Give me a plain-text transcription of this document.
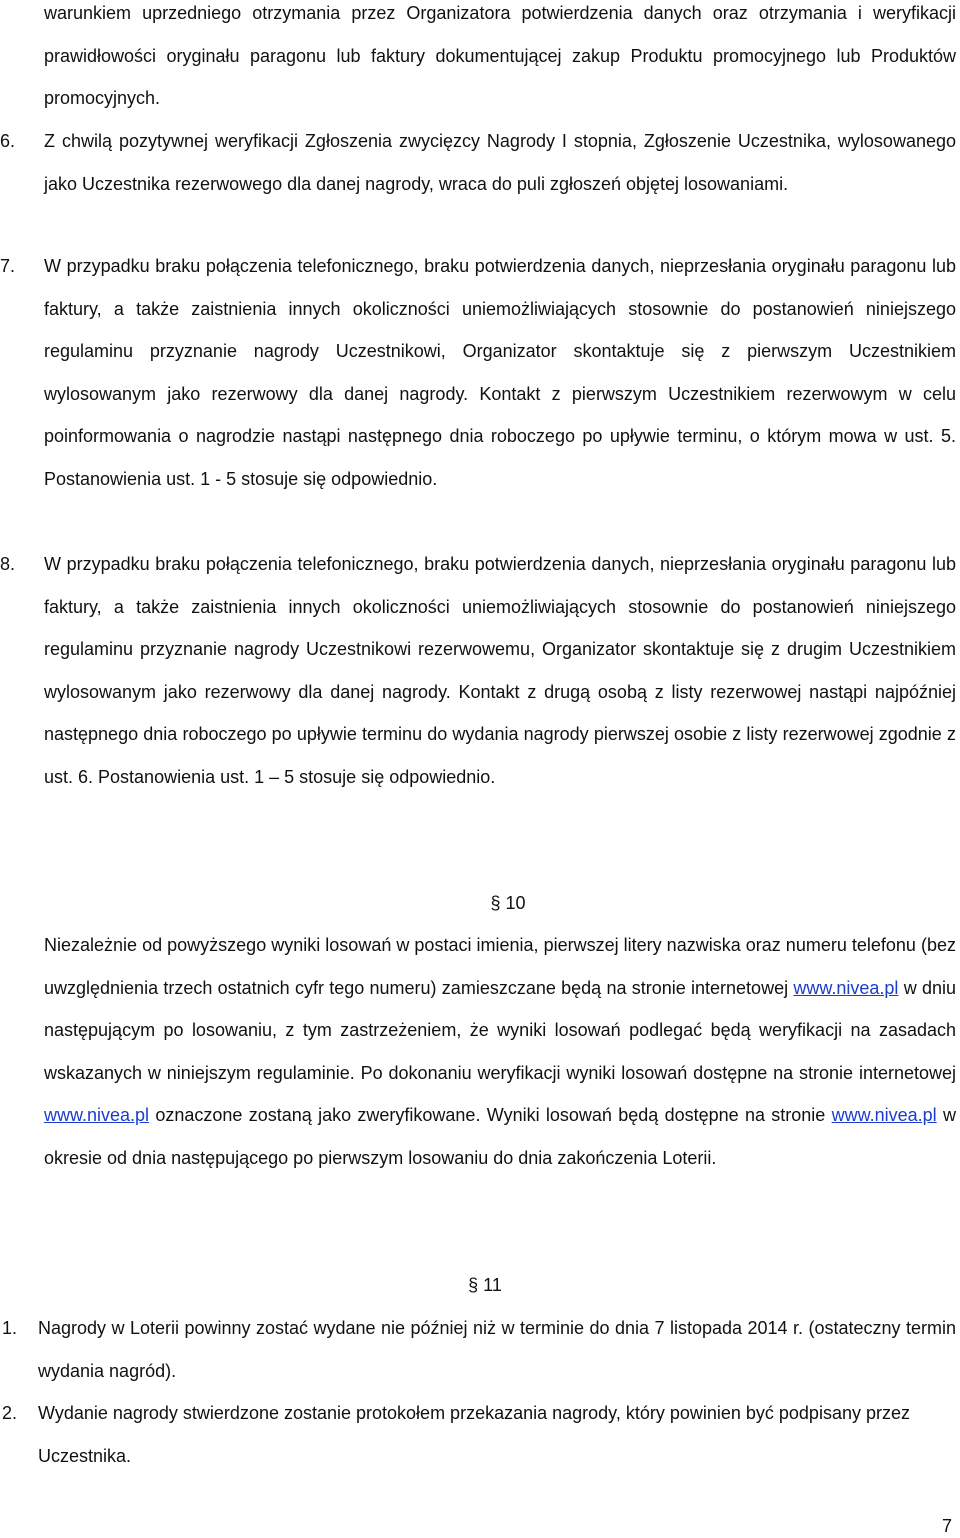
warunkiem uprzedniego otrzymania przez Organizatora potwierdzenia danych oraz otrzymania i weryfikacji prawidłowości oryginału paragonu lub faktury dokumentującej zakup Produktu promocyjnego lub Produktów promocyjnych.

6. Z chwilą pozytywnej weryfikacji Zgłoszenia zwycięzcy Nagrody I stopnia, Zgłoszenie Uczestnika, wylosowanego jako Uczestnika rezerwowego dla danej nagrody, wraca do puli zgłoszeń objętej losowaniami.

7. W przypadku braku połączenia telefonicznego, braku potwierdzenia danych, nieprzesłania oryginału paragonu lub faktury, a także zaistnienia innych okoliczności uniemożliwiających stosownie do postanowień niniejszego regulaminu przyznanie nagrody Uczestnikowi, Organizator skontaktuje się z pierwszym Uczestnikiem wylosowanym jako rezerwowy dla danej nagrody. Kontakt z pierwszym Uczestnikiem rezerwowym w celu poinformowania o nagrodzie nastąpi następnego dnia roboczego po upływie terminu, o którym mowa w ust. 5. Postanowienia ust. 1 - 5 stosuje się odpowiednio.

8. W przypadku braku połączenia telefonicznego, braku potwierdzenia danych, nieprzesłania oryginału paragonu lub faktury, a także zaistnienia innych okoliczności uniemożliwiających stosownie do postanowień niniejszego regulaminu przyznanie nagrody Uczestnikowi rezerwowemu, Organizator skontaktuje się z drugim Uczestnikiem wylosowanym jako rezerwowy dla danej nagrody. Kontakt z drugą osobą z listy rezerwowej nastąpi najpóźniej następnego dnia roboczego po upływie terminu do wydania nagrody pierwszej osobie z listy rezerwowej zgodnie z ust. 6. Postanowienia ust. 1 – 5 stosuje się odpowiednio.

§ 10

Niezależnie od powyższego wyniki losowań w postaci imienia, pierwszej litery nazwiska oraz numeru telefonu (bez uwzględnienia trzech ostatnich cyfr tego numeru) zamieszczane będą na stronie internetowej www.nivea.pl w dniu następującym po losowaniu, z tym zastrzeżeniem, że wyniki losowań podlegać będą weryfikacji na zasadach wskazanych w niniejszym regulaminie. Po dokonaniu weryfikacji wyniki losowań dostępne na stronie internetowej www.nivea.pl oznaczone zostaną jako zweryfikowane. Wyniki losowań będą dostępne na stronie www.nivea.pl w okresie od dnia następującego po pierwszym losowaniu do dnia zakończenia Loterii.

§ 11

1. Nagrody w Loterii powinny zostać wydane nie później niż w terminie do dnia 7 listopada 2014 r. (ostateczny termin wydania nagród).

2. Wydanie nagrody stwierdzone zostanie protokołem przekazania nagrody, który powinien być podpisany przez Uczestnika.

7
